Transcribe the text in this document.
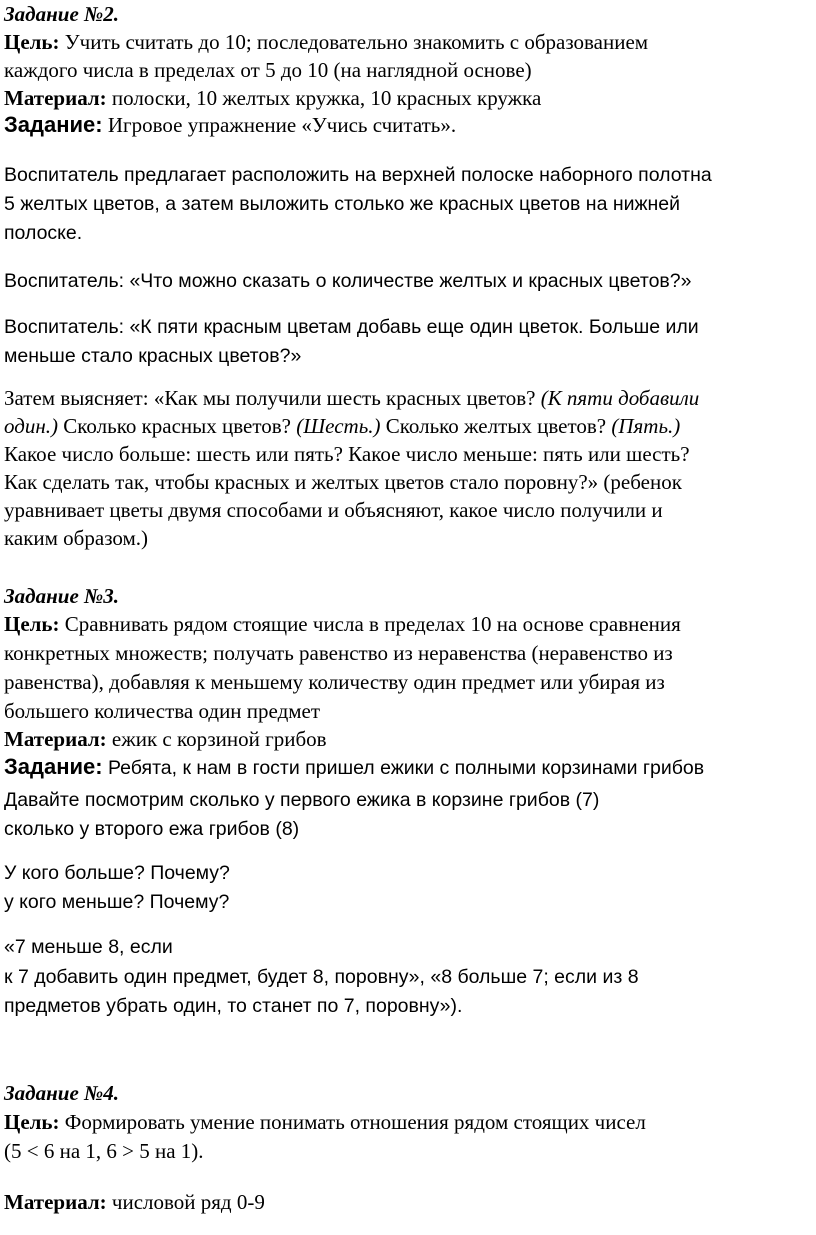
Задание №2.
Цель: Учить считать до 10; последовательно знакомить с образованием
каждого числа в пределах от 5 до 10 (на наглядной основе)
Материал: полоски, 10 желтых кружка, 10 красных кружка
Задание: Игровое упражнение «Учись считать».
Воспитатель предлагает расположить на верхней полоске наборного полотна
5 желтых цветов, а затем выложить столько же красных цветов на нижней
полоске.
Воспитатель: «Что можно сказать о количестве желтых и красных цветов?»
Воспитатель: «К пяти красным цветам добавь еще один цветок. Больше или
меньше стало красных цветов?»
Затем выясняет: «Как мы получили шесть красных цветов? (К пяти добавили
один.) Сколько красных цветов? (Шесть.) Сколько желтых цветов? (Пять.)
Какое число больше: шесть или пять? Какое число меньше: пять или шесть?
Как сделать так, чтобы красных и желтых цветов стало поровну?» (ребенок
уравнивает цветы двумя способами и объясняют, какое число получили и
каким образом.)
Задание №3.
Цель: Сравнивать рядом стоящие числа в пределах 10 на основе сравнения
конкретных множеств; получать равенство из неравенства (неравенство из
равенства), добавляя к меньшему количеству один предмет или убирая из
большего количества один предмет
Материал: ежик с корзиной грибов
Задание: Ребята, к нам в гости пришел ежики с полными корзинами грибов
Давайте посмотрим сколько у первого ежика в корзине грибов (7)
сколько у второго ежа грибов (8)
У кого больше? Почему?
у кого меньше? Почему?
«7 меньше 8, если
к 7 добавить один предмет, будет 8, поровну», «8 больше 7; если из 8
предметов убрать один, то станет по 7, поровну»).
Задание №4.
Цель: Формировать умение понимать отношения рядом стоящих чисел
(5 < 6 на 1, 6 > 5 на 1).
Материал: числовой ряд 0-9
